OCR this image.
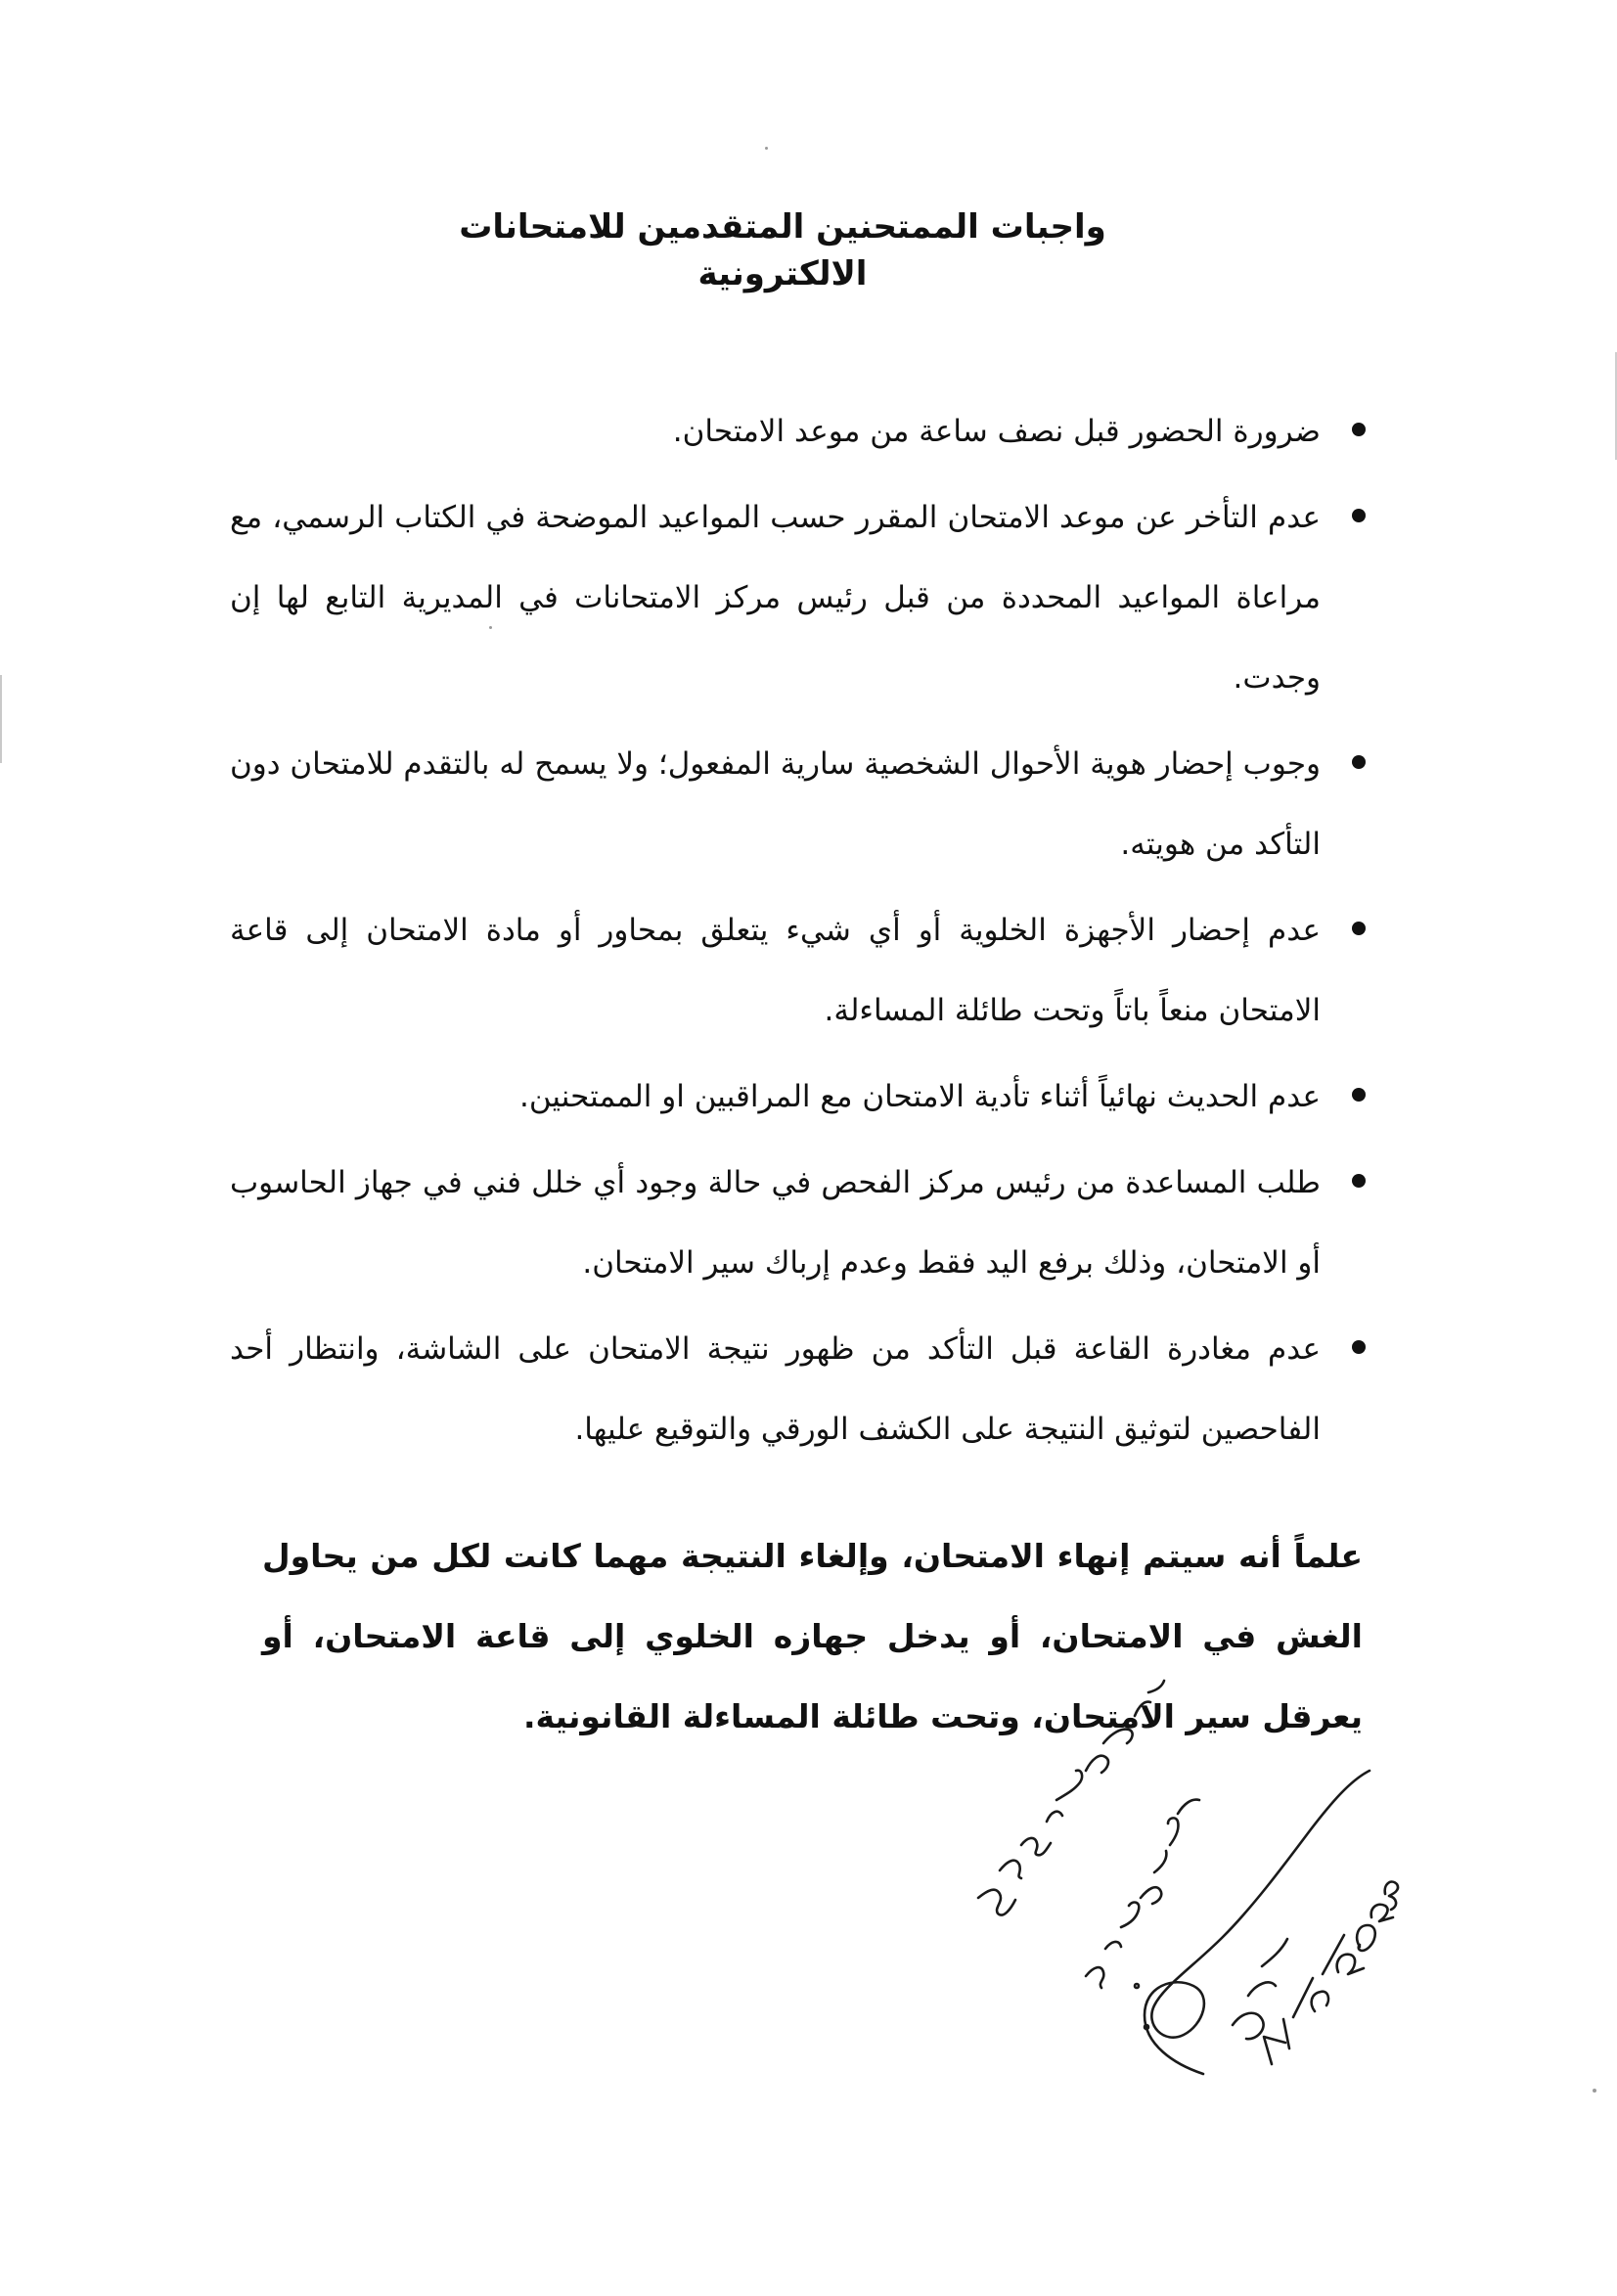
واجبات الممتحنين المتقدمين للامتحانات الالكترونية
ضرورة الحضور قبل نصف ساعة من موعد الامتحان.
عدم التأخر عن موعد الامتحان المقرر حسب المواعيد الموضحة في الكتاب الرسمي، مع مراعاة المواعيد المحددة من قبل رئيس مركز الامتحانات في المديرية التابع لها إن وجدت.
وجوب إحضار هوية الأحوال الشخصية سارية المفعول؛ ولا يسمح له بالتقدم للامتحان دون التأكد من هويته.
عدم إحضار الأجهزة الخلوية أو أي شيء يتعلق بمحاور أو مادة الامتحان إلى قاعة الامتحان منعاً باتاً وتحت طائلة المساءلة.
عدم الحديث نهائياً أثناء تأدية الامتحان مع المراقبين او الممتحنين.
طلب المساعدة من رئيس مركز الفحص في حالة وجود أي خلل فني في جهاز الحاسوب أو الامتحان، وذلك برفع اليد فقط وعدم إرباك سير الامتحان.
عدم مغادرة القاعة قبل التأكد من ظهور نتيجة الامتحان على الشاشة، وانتظار أحد الفاحصين لتوثيق النتيجة على الكشف الورقي والتوقيع عليها.
علماً أنه سيتم إنهاء الامتحان، وإلغاء النتيجة مهما كانت لكل من يحاول الغش في الامتحان، أو يدخل جهازه الخلوي إلى قاعة الامتحان، أو يعرقل سير الامتحان، وتحت طائلة المساءلة القانونية.
